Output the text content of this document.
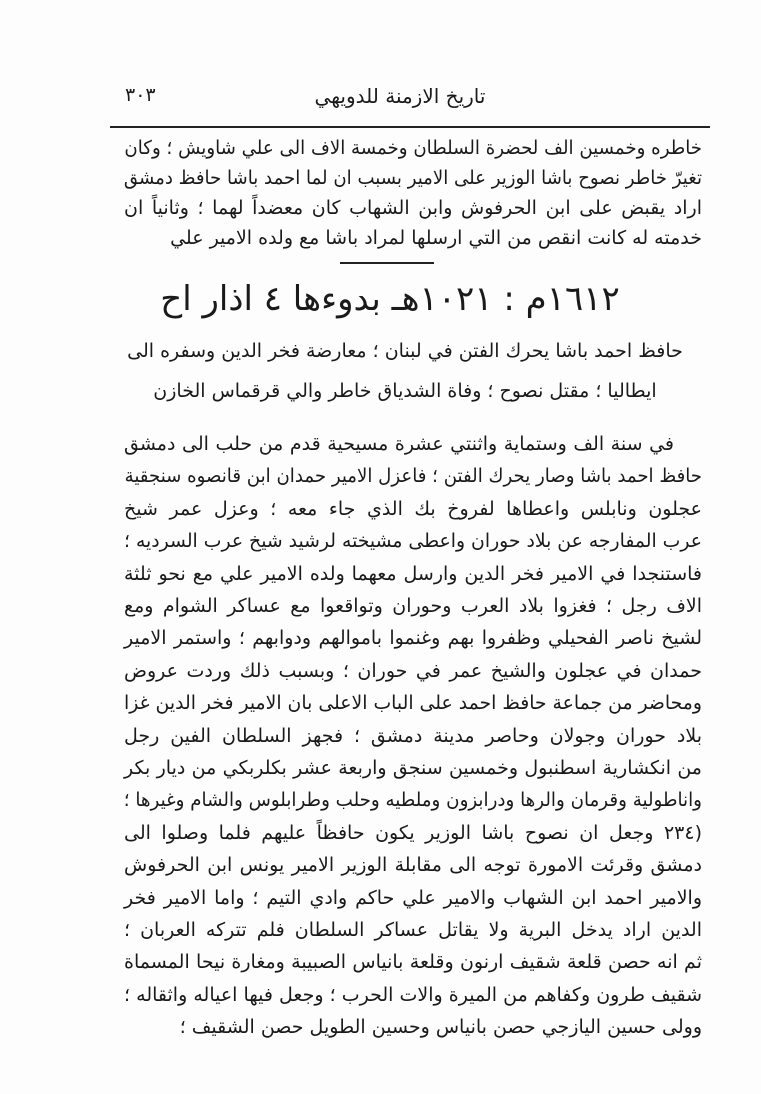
٣٠٣	تاريخ الازمنة للدويهي
خاطره وخمسين الف لحضرة السلطان وخمسة الاف الى علي شاويش ؛ وكان
تغيرّ خاطر نصوح باشا الوزير على الامير بسبب ان لما احمد باشا حافظ دمشق
اراد يقبض على ابن الحرفوش وابن الشهاب كان معضداً لهما ؛ وثانياً ان
خدمته له كانت انقص من التي ارسلها لمراد باشا مع ولده الامير علي
١٦١٢م : ١٠٢١هـ بدوءها ٤ اذار اح
حافظ احمد باشا يحرك الفتن في لبنان ؛ معارضة فخر الدين وسفره الى
ايطاليا ؛ مقتل نصوح ؛ وفاة الشدياق خاطر والي قرقماس الخازن
في سنة الف وستماية واثنتي عشرة مسيحية قدم من حلب الى دمشق
حافظ احمد باشا وصار يحرك الفتن ؛ فاعزل الامير حمدان ابن قانصوه سنجقية
عجلون ونابلس واعطاها لفروخ بك الذي جاء معه ؛ وعزل عمر شيخ
عرب المفارجه عن بلاد حوران واعطى مشيخته لرشيد شيخ عرب السرديه ؛
فاستنجدا في الامير فخر الدين وارسل معهما ولده الامير علي مع نحو ثلثة
الاف رجل ؛ فغزوا بلاد العرب وحوران وتواقعوا مع عساكر الشوام ومع
لشيخ ناصر الفحيلي وظفروا بهم وغنموا باموالهم ودوابهم ؛ واستمر الامير
حمدان في عجلون والشيخ عمر في حوران ؛ وبسبب ذلك وردت عروض
ومحاضر من جماعة حافظ احمد على الباب الاعلى بان الامير فخر الدين غزا
بلاد حوران وجولان وحاصر مدينة دمشق ؛ فجهز السلطان الفين رجل
من انكشارية اسطنبول وخمسين سنجق واربعة عشر بكلربكي من ديار بكر
واناطولية وقرمان والرها ودرابزون وملطيه وحلب وطرابلوس والشام وغيرها ؛
(٢٣٤ وجعل ان نصوح باشا الوزير يكون حافظاً عليهم فلما وصلوا الى
دمشق وقرئت الامورة توجه الى مقابلة الوزير الامير يونس ابن الحرفوش
والامير احمد ابن الشهاب والامير علي حاكم وادي التيم ؛ واما الامير فخر
الدين اراد يدخل البرية ولا يقاتل عساكر السلطان فلم تتركه العربان ؛
ثم انه حصن قلعة شقيف ارنون وقلعة بانياس الصبيبة ومغارة نيحا المسماة
شقيف طرون وكفاهم من الميرة والات الحرب ؛ وجعل فيها اعياله واثقاله ؛
وولى حسين اليازجي حصن بانياس وحسين الطويل حصن الشقيف ؛
